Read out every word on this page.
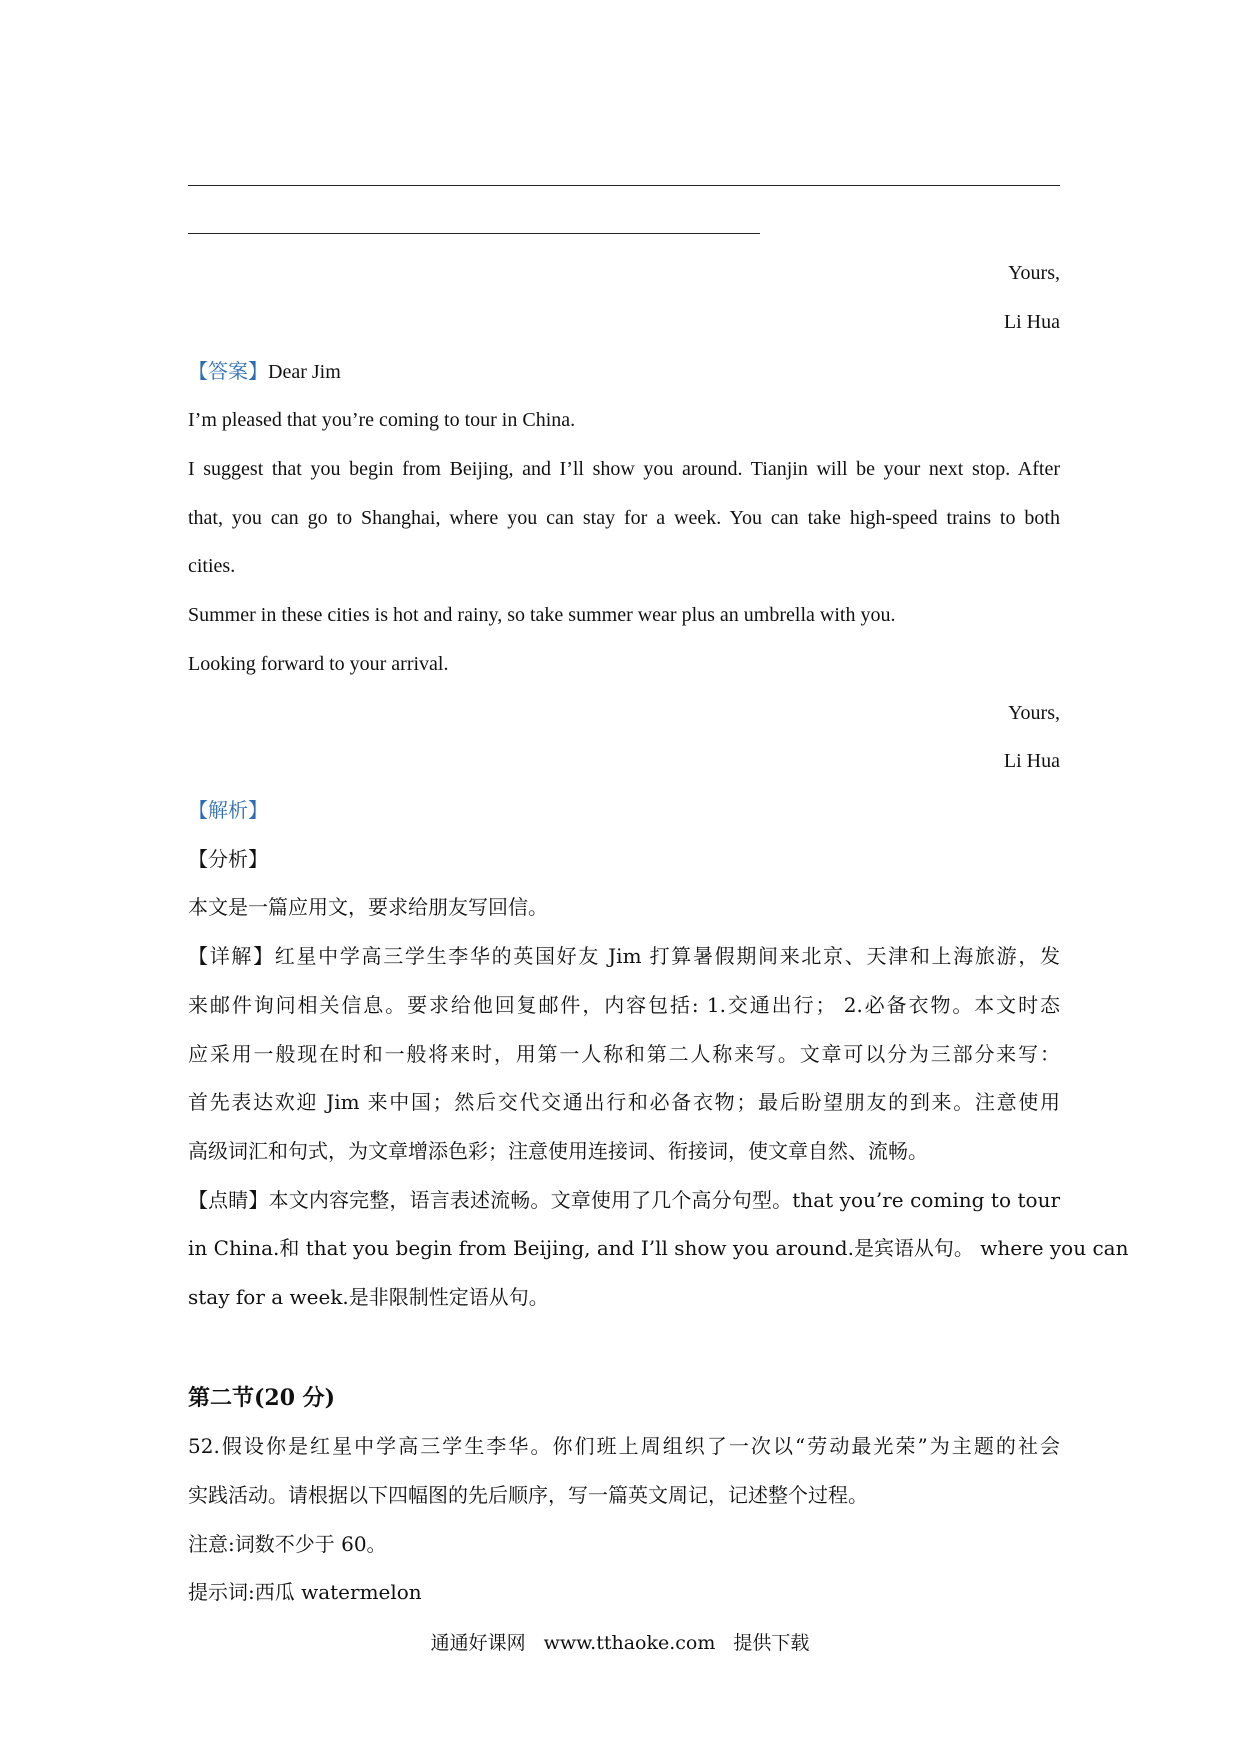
Yours,
Li Hua
【答案】Dear Jim
I’m pleased that you’re coming to tour in China.
I suggest that you begin from Beijing, and I’ll show you around. Tianjin will be your next stop. After
that, you can go to Shanghai, where you can stay for a week. You can take high-speed trains to both
cities.
Summer in these cities is hot and rainy, so take summer wear plus an umbrella with you.
Looking forward to your arrival.
Yours,
Li Hua
【解析】
【分析】
本文是一篇应用文，要求给朋友写回信。
【详解】红星中学高三学生李华的英国好友 Jim 打算暑假期间来北京、天津和上海旅游，发
来邮件询问相关信息。要求给他回复邮件，内容包括: 1.交通出行； 2.必备衣物。本文时态
应采用一般现在时和一般将来时，用第一人称和第二人称来写。文章可以分为三部分来写：
首先表达欢迎 Jim 来中国；然后交代交通出行和必备衣物；最后盼望朋友的到来。注意使用
高级词汇和句式，为文章增添色彩；注意使用连接词、衔接词，使文章自然、流畅。
【点睛】本文内容完整，语言表述流畅。文章使用了几个高分句型。that you’re coming to tour
in China.和 that you begin from Beijing, and I’ll show you around.是宾语从句。 where you can
stay for a week.是非限制性定语从句。
第二节(20 分)
52.假设你是红星中学高三学生李华。你们班上周组织了一次以“劳动最光荣”为主题的社会
实践活动。请根据以下四幅图的先后顺序，写一篇英文周记，记述整个过程。
注意:词数不少于 60。
提示词:西瓜 watermelon
通通好课网 www.tthaoke.com 提供下载
